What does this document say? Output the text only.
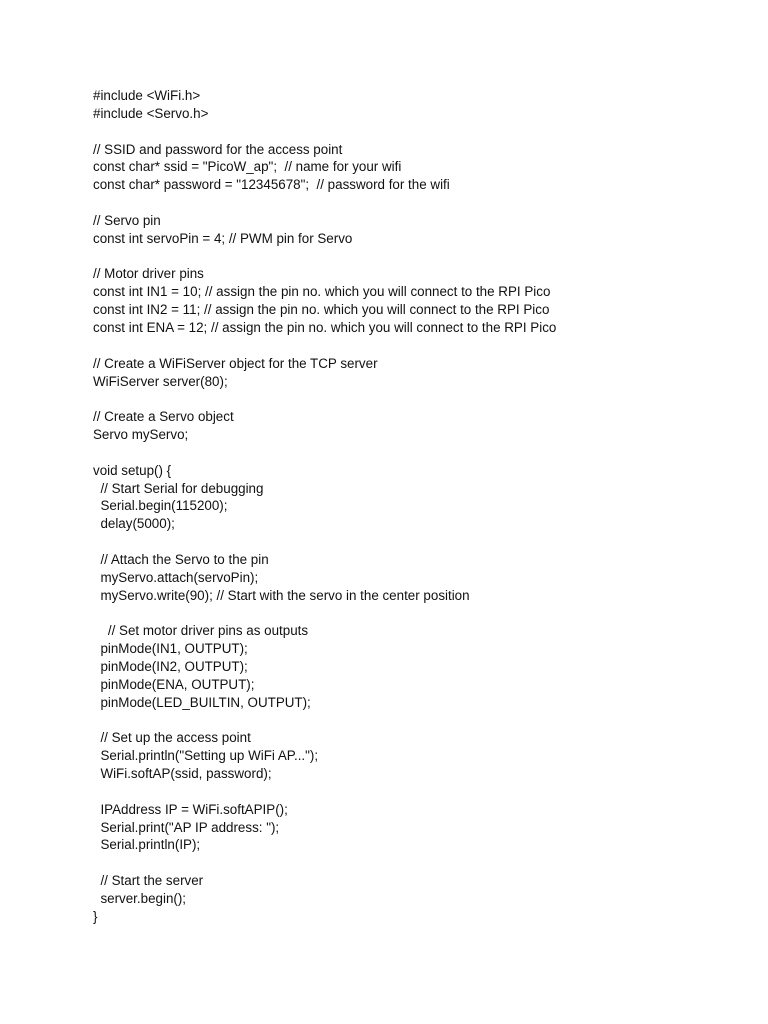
#include <WiFi.h>
#include <Servo.h>
// SSID and password for the access point
const char* ssid = "PicoW_ap";  // name for your wifi
const char* password = "12345678";  // password for the wifi
// Servo pin
const int servoPin = 4; // PWM pin for Servo
// Motor driver pins
const int IN1 = 10; // assign the pin no. which you will connect to the RPI Pico
const int IN2 = 11; // assign the pin no. which you will connect to the RPI Pico
const int ENA = 12; // assign the pin no. which you will connect to the RPI Pico
// Create a WiFiServer object for the TCP server
WiFiServer server(80);
// Create a Servo object
Servo myServo;
void setup() {
// Start Serial for debugging
Serial.begin(115200);
delay(5000);
// Attach the Servo to the pin
myServo.attach(servoPin);
myServo.write(90); // Start with the servo in the center position
// Set motor driver pins as outputs
pinMode(IN1, OUTPUT);
pinMode(IN2, OUTPUT);
pinMode(ENA, OUTPUT);
pinMode(LED_BUILTIN, OUTPUT);
// Set up the access point
Serial.println("Setting up WiFi AP...");
WiFi.softAP(ssid, password);
IPAddress IP = WiFi.softAPIP();
Serial.print("AP IP address: ");
Serial.println(IP);
// Start the server
server.begin();
}
